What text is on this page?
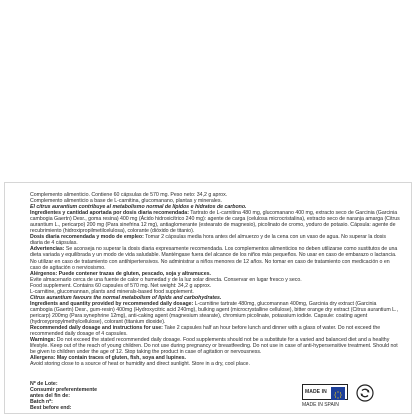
Complemento alimenticio. Contiene 60 cápsulas de 570 mg. Peso neto: 34,2 g aprox.

Complemento alimenticio a base de L-carnitina, glucomanano, plantas y minerales.

El citrus aurantium contribuye al metabolismo normal de lípidos e hidratos de carbono.

Ingredientes y cantidad aportada por dosis diaria recomendada: Tartrato de L-carnitina 480 mg, glucomanano 400 mg, extracto seco de Garcinia (Garcinia cambogia Gaertn) Desr., goma resina) 400 mg (Ácido hidroxicítrico 240 mg): agente de carga (celulosa microcristalina), extracto seco de naranja amarga (Citrus aurantium L., pericarpo) 200 mg (Para sinefrina 12 mg), antiaglomerante (estearato de magnesio), picolinato de cromo, yoduro de potasio. Cápsula: agente de recubrimiento (hidroxipropilmetilcelulosa), colorante (dióxido de titanio).

Dosis diaria recomendada y modo de empleo: Tomar 2 cápsulas media hora antes del almuerzo y de la cena con un vaso de agua. No superar la dosis diaria de 4 cápsulas.

Advertencias: Se aconseja no superar la dosis diaria expresamente recomendada. Los complementos alimenticios no deben utilizarse como sustitutos de una dieta variada y equilibrada y un modo de vida saludable. Manténgase fuera del alcance de los niños más pequeños. No usar en caso de embarazo o lactancia. No utilizar en caso de tratamiento con antihipertensivos. No administrar a niños menores de 12 años. No tomar en caso de tratamiento con medicación o en caso de agitación o nerviosismo.

Alérgenos: Puede contener trazas de gluten, pescado, soja y altramuces.

Evite almacenarlo cerca de una fuente de calor o humedad y de la luz solar directa. Conservar en lugar fresco y seco.

Food supplement. Contains 60 capsules of 570 mg. Net weight: 34,2 g approx.

L-carnitine, glucomannan, plants and minerals-based food supplement.

Citrus aurantium favours the normal metabolism of lipids and carbohydrates.

Ingredients and quantity provided by recommended daily dosage: L-carnitine tartrate 480mg, glucomannan 400mg, Garcinia dry extract (Garcinia cambogia (Gaertn) Desr., gum-resin) 400mg (Hydroxycitric acid 240mg), bulking agent (microcrystalline cellulose), bitter orange dry extract (Citrus aurantium L., pericarp) 200mg (Para synephrine 12mg), anti-caking agent (magnesium stearate), chromium picolinate, potassium iodide. Capsule: coating agent (hydroxypropylmethylcellulose), colorant (titanium dioxide).

Recommended daily dosage and instructions for use: Take 2 capsules half an hour before lunch and dinner with a glass of water. Do not exceed the recommended daily dosage of 4 capsules.

Warnings: Do not exceed the stated recommended daily dosage. Food supplements should not be a substitute for a varied and balanced diet and a healthy lifestyle. Keep out of the reach of young children. Do not use during pregnancy or breastfeeding. Do not use in case of anti-hypersensitive treatment. Should not be given to children under the age of 12. Stop taking the product in case of agitation or nervousness.

Allergens: May contain traces of gluten, fish, soya and lupines.

Avoid storing close to a source of heat or humidity and direct sunlight. Store in a dry, cool place.

Nº de Lote:
Consumir preferentemente
antes del fin de:
Batch nº:
Best before end:
MADE IN
MADE IN SPAIN
